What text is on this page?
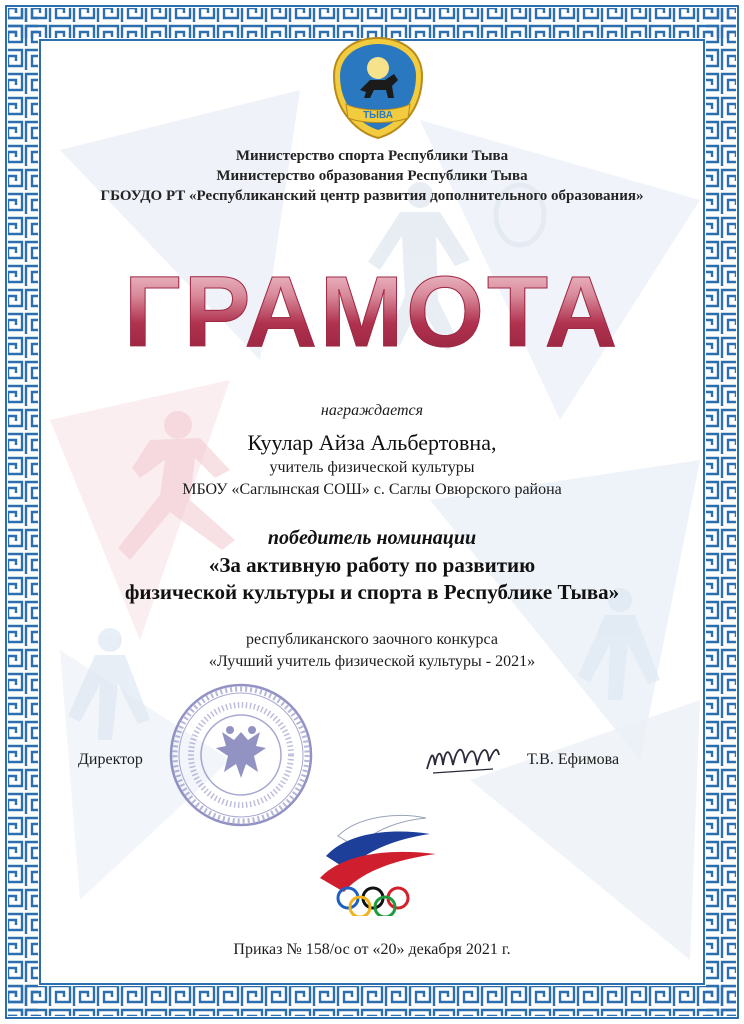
ТЫВА
Министерство спорта Республики Тыва
Министерство образования Республики Тыва
ГБОУДО РТ «Республиканский центр развития дополнительного образования»
ГРАМОТА
награждается
Куулар Айза Альбертовна,
учитель физической культуры
МБОУ «Саглынская СОШ» с. Саглы Овюрского района
победитель номинации
«За активную работу по развитию
физической культуры и спорта в Республике Тыва»
республиканского заочного конкурса
«Лучший учитель физической культуры - 2021»
Директор	Т.В. Ефимова
Приказ № 158/ос от «20» декабря 2021 г.
